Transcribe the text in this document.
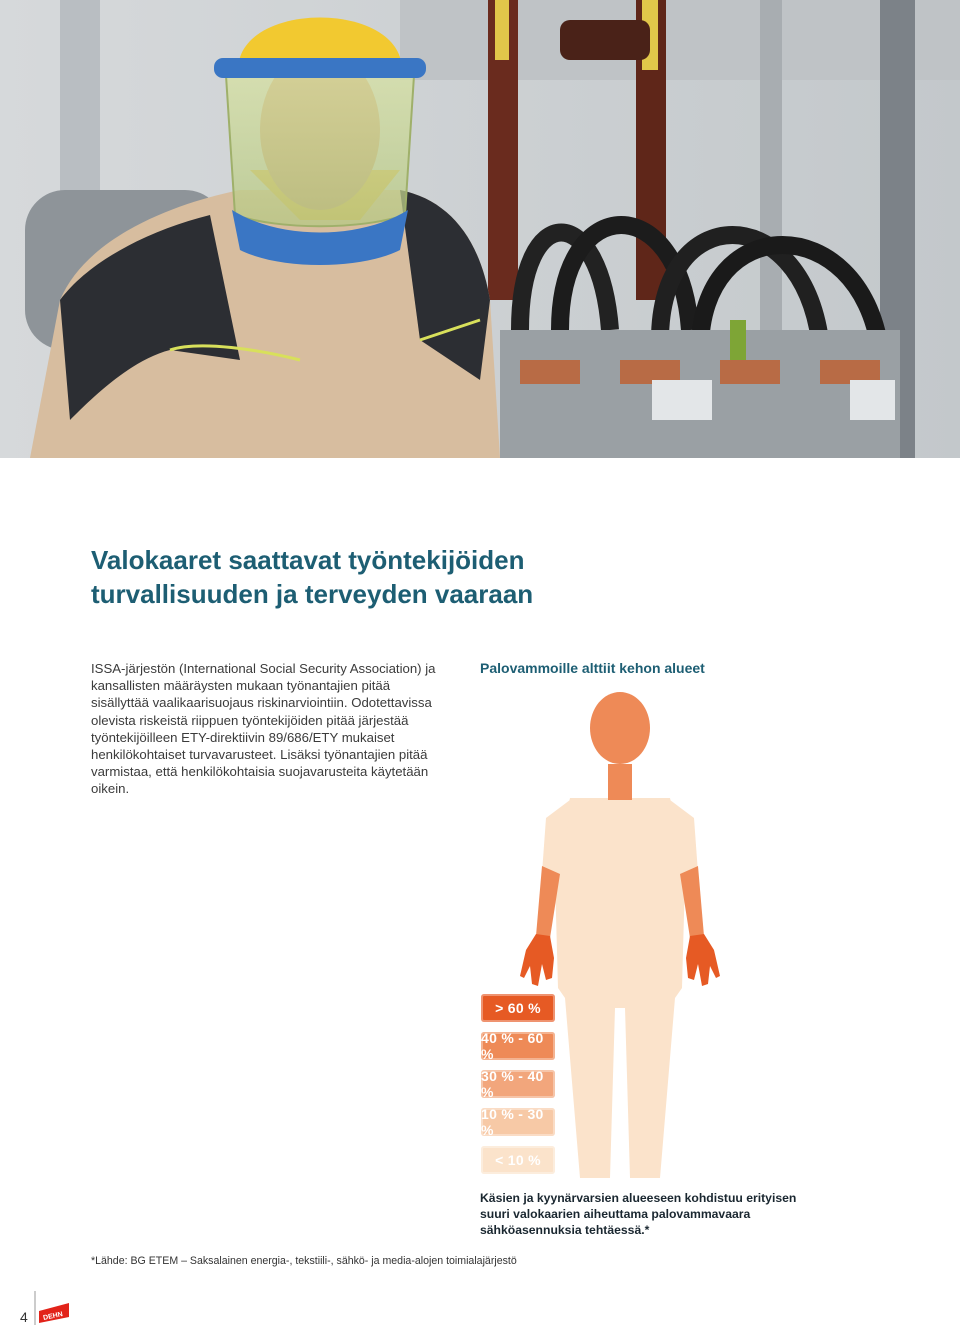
Valokaaret saattavat työntekijöiden
turvallisuuden ja terveyden vaaraan

ISSA-järjestön (International Social Security Association) ja kansallisten määräysten mukaan työnantajien pitää sisällyttää vaalikaarisuojaus riskinarviointiin. Odotettavissa olevista riskeistä riippuen työntekijöiden pitää järjestää työntekijöilleen ETY-direktiivin 89/686/ETY mukaiset henkilökohtaiset turvavarusteet. Lisäksi työnantajien pitää varmistaa, että henkilökohtaisia suojavarusteita käytetään oikein.

Palovammoille alttiit kehon alueet

> 60 %
40 % - 60 %
30 % - 40 %
10 % - 30 %
< 10 %

Käsien ja kyynärvarsien alueeseen kohdistuu erityisen suuri valokaarien aiheuttama palovammavaara sähköasennuksia tehtäessä.*

*Lähde: BG ETEM – Saksalainen energia-, tekstiili-, sähkö- ja media-alojen toimialajärjestö

4 DEHN
